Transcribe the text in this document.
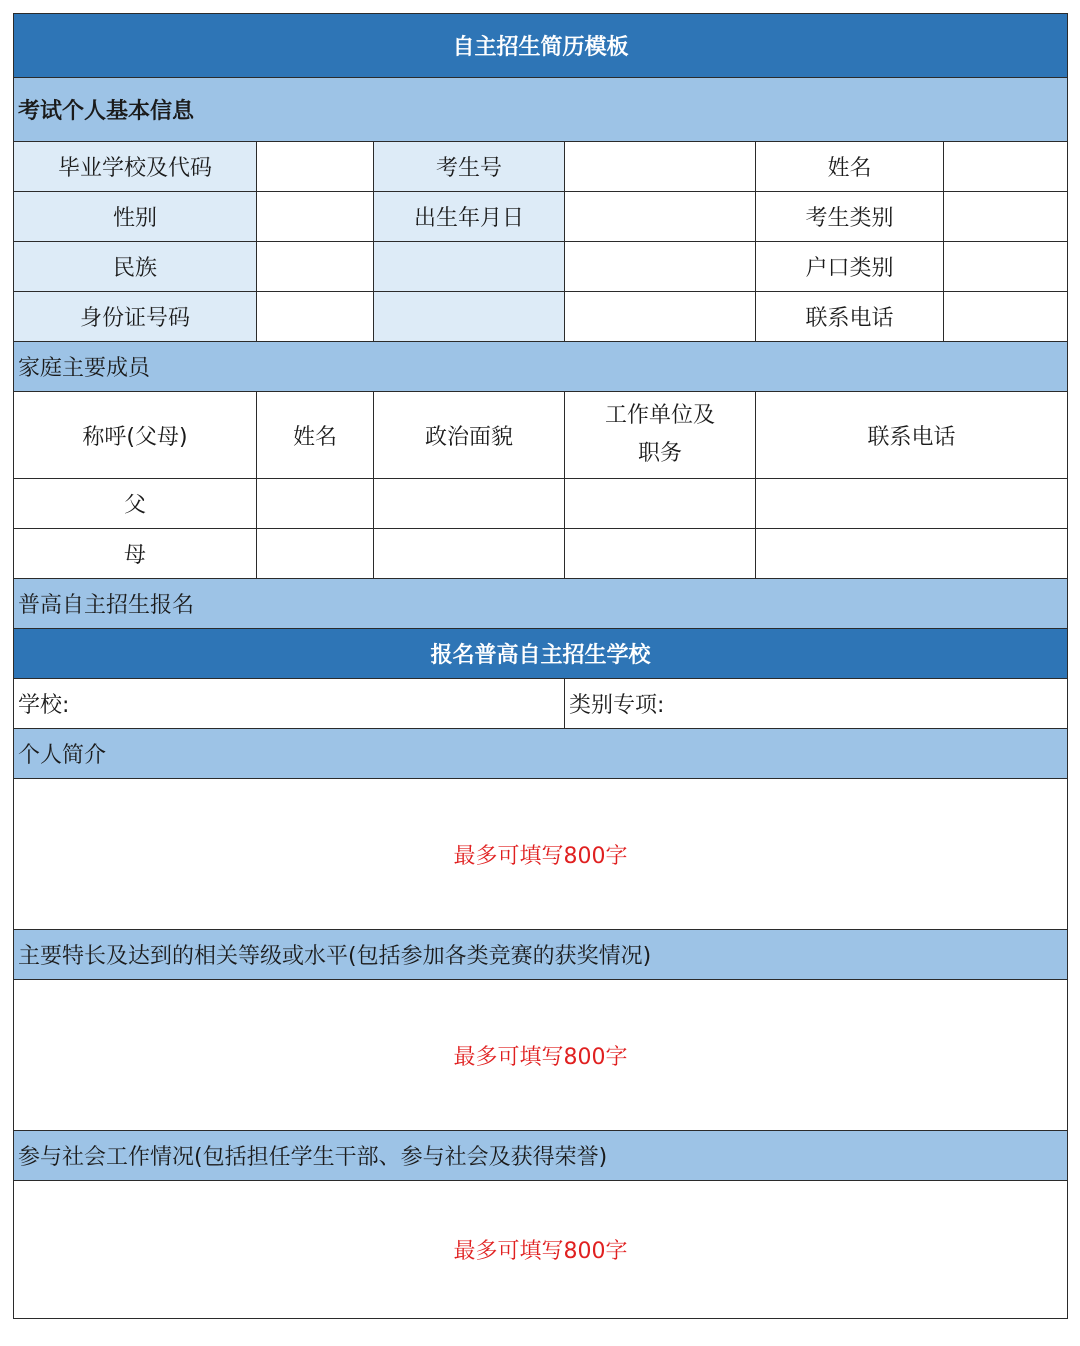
自主招生简历模板					
考试个人基本信息					
毕业学校及代码		考生号		姓名	
性别		出生年月日		考生类别	
民族				户口类别	
身份证号码				联系电话	
家庭主要成员					
称呼(父母)	姓名	政治面貌	工作单位及职务	联系电话	
父					
母					
普高自主招生报名					
报名普高自主招生学校					
学校:			类别专项:		
个人简介					
最多可填写800字					
主要特长及达到的相关等级或水平(包括参加各类竞赛的获奖情况)					
最多可填写800字					
参与社会工作情况(包括担任学生干部、参与社会及获得荣誉)					
最多可填写800字					
